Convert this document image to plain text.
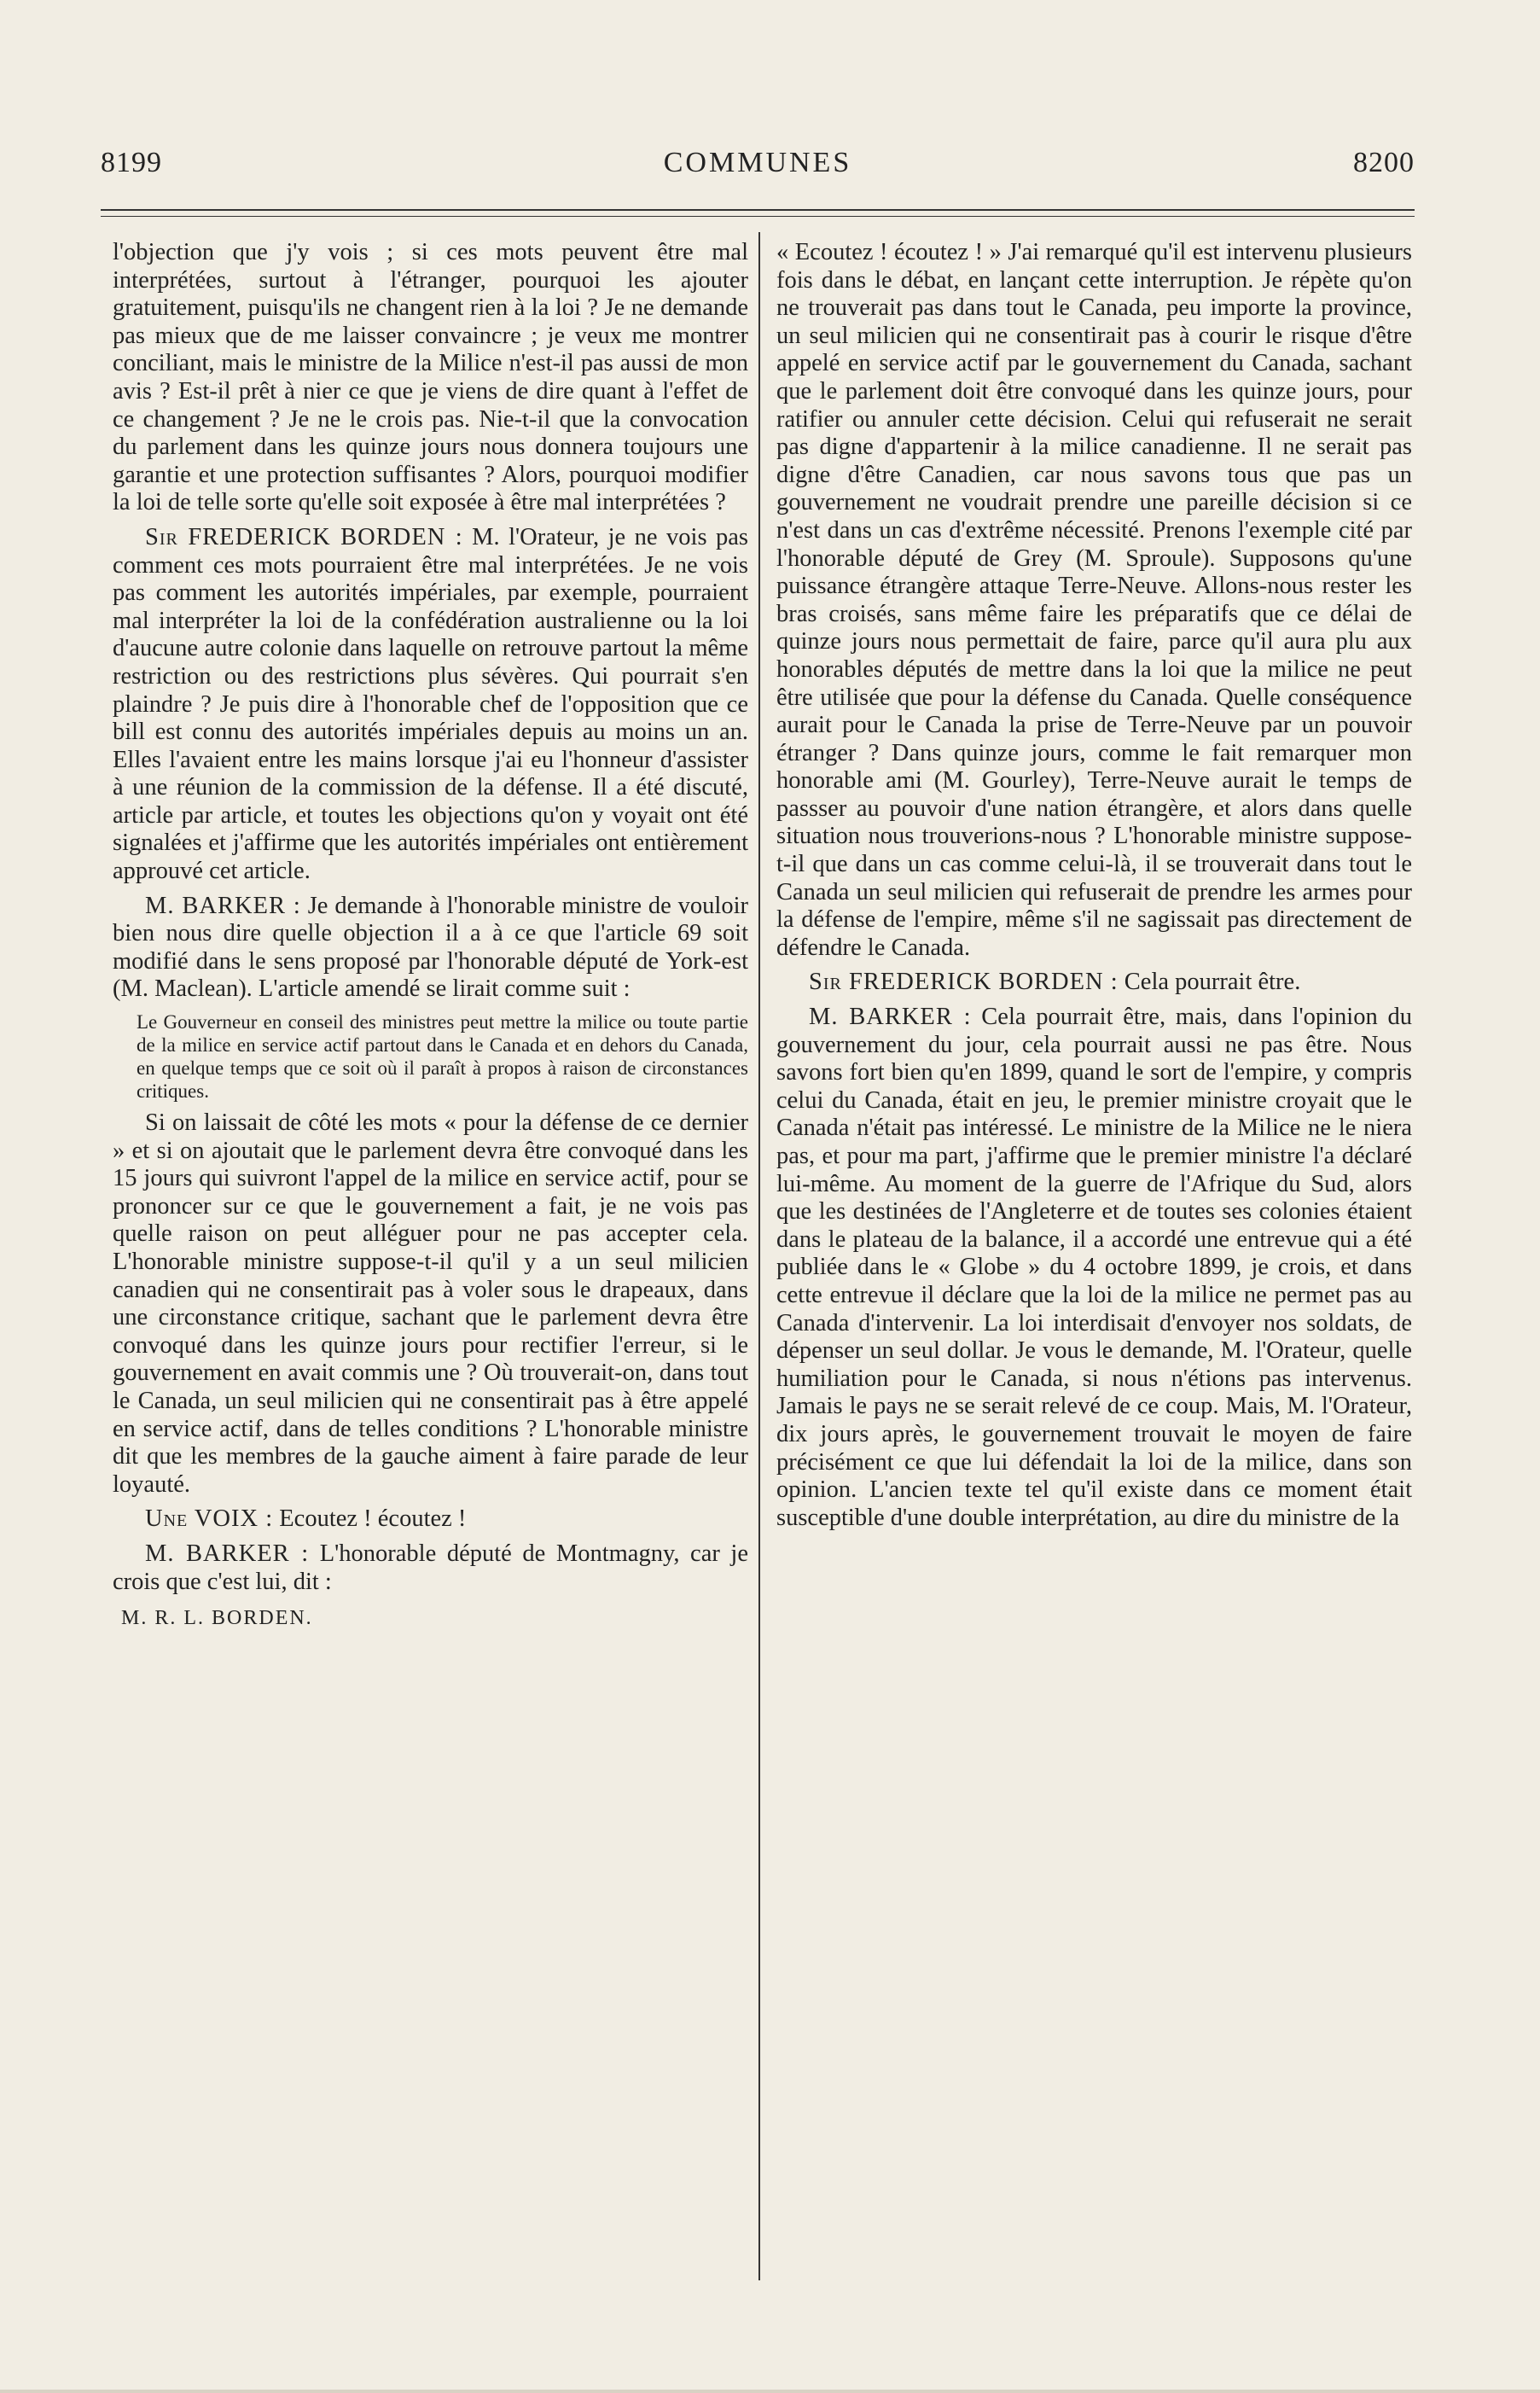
8199	COMMUNES	8200

l'objection que j'y vois ; si ces mots peuvent être mal interprétées, surtout à l'étranger, pourquoi les ajouter gratuitement, puisqu'ils ne changent rien à la loi ? Je ne demande pas mieux que de me laisser convaincre ; je veux me montrer conciliant, mais le ministre de la Milice n'est-il pas aussi de mon avis ? Est-il prêt à nier ce que je viens de dire quant à l'effet de ce changement ? Je ne le crois pas. Nie-t-il que la convocation du parlement dans les quinze jours nous donnera toujours une garantie et une protection suffisantes ? Alors, pourquoi modifier la loi de telle sorte qu'elle soit exposée à être mal interprétées ?

Sir FREDERICK BORDEN : M. l'Orateur, je ne vois pas comment ces mots pourraient être mal interprétées. Je ne vois pas comment les autorités impériales, par exemple, pourraient mal interpréter la loi de la confédération australienne ou la loi d'aucune autre colonie dans laquelle on retrouve partout la même restriction ou des restrictions plus sévères. Qui pourrait s'en plaindre ? Je puis dire à l'honorable chef de l'opposition que ce bill est connu des autorités impériales depuis au moins un an. Elles l'avaient entre les mains lorsque j'ai eu l'honneur d'assister à une réunion de la commission de la défense. Il a été discuté, article par article, et toutes les objections qu'on y voyait ont été signalées et j'affirme que les autorités impériales ont entièrement approuvé cet article.

M. BARKER : Je demande à l'honorable ministre de vouloir bien nous dire quelle objection il a à ce que l'article 69 soit modifié dans le sens proposé par l'honorable député de York-est (M. Maclean). L'article amendé se lirait comme suit :

Le Gouverneur en conseil des ministres peut mettre la milice ou toute partie de la milice en service actif partout dans le Canada et en dehors du Canada, en quelque temps que ce soit où il paraît à propos à raison de circonstances critiques.

Si on laissait de côté les mots « pour la défense de ce dernier » et si on ajoutait que le parlement devra être convoqué dans les 15 jours qui suivront l'appel de la milice en service actif, pour se prononcer sur ce que le gouvernement a fait, je ne vois pas quelle raison on peut alléguer pour ne pas accepter cela. L'honorable ministre suppose-t-il qu'il y a un seul milicien canadien qui ne consentirait pas à voler sous le drapeaux, dans une circonstance critique, sachant que le parlement devra être convoqué dans les quinze jours pour rectifier l'erreur, si le gouvernement en avait commis une ? Où trouverait-on, dans tout le Canada, un seul milicien qui ne consentirait pas à être appelé en service actif, dans de telles conditions ? L'honorable ministre dit que les membres de la gauche aiment à faire parade de leur loyauté.

Une VOIX : Ecoutez ! écoutez !

M. BARKER : L'honorable député de Montmagny, car je crois que c'est lui, dit :

M. R. L. BORDEN.

« Ecoutez ! écoutez ! » J'ai remarqué qu'il est intervenu plusieurs fois dans le débat, en lançant cette interruption. Je répète qu'on ne trouverait pas dans tout le Canada, peu importe la province, un seul milicien qui ne consentirait pas à courir le risque d'être appelé en service actif par le gouvernement du Canada, sachant que le parlement doit être convoqué dans les quinze jours, pour ratifier ou annuler cette décision. Celui qui refuserait ne serait pas digne d'appartenir à la milice canadienne. Il ne serait pas digne d'être Canadien, car nous savons tous que pas un gouvernement ne voudrait prendre une pareille décision si ce n'est dans un cas d'extrême nécessité. Prenons l'exemple cité par l'honorable député de Grey (M. Sproule). Supposons qu'une puissance étrangère attaque Terre-Neuve. Allons-nous rester les bras croisés, sans même faire les préparatifs que ce délai de quinze jours nous permettait de faire, parce qu'il aura plu aux honorables députés de mettre dans la loi que la milice ne peut être utilisée que pour la défense du Canada. Quelle conséquence aurait pour le Canada la prise de Terre-Neuve par un pouvoir étranger ? Dans quinze jours, comme le fait remarquer mon honorable ami (M. Gourley), Terre-Neuve aurait le temps de passser au pouvoir d'une nation étrangère, et alors dans quelle situation nous trouverions-nous ? L'honorable ministre suppose-t-il que dans un cas comme celui-là, il se trouverait dans tout le Canada un seul milicien qui refuserait de prendre les armes pour la défense de l'empire, même s'il ne sagissait pas directement de défendre le Canada.

Sir FREDERICK BORDEN : Cela pourrait être.

M. BARKER : Cela pourrait être, mais, dans l'opinion du gouvernement du jour, cela pourrait aussi ne pas être. Nous savons fort bien qu'en 1899, quand le sort de l'empire, y compris celui du Canada, était en jeu, le premier ministre croyait que le Canada n'était pas intéressé. Le ministre de la Milice ne le niera pas, et pour ma part, j'affirme que le premier ministre l'a déclaré lui-même. Au moment de la guerre de l'Afrique du Sud, alors que les destinées de l'Angleterre et de toutes ses colonies étaient dans le plateau de la balance, il a accordé une entrevue qui a été publiée dans le « Globe » du 4 octobre 1899, je crois, et dans cette entrevue il déclare que la loi de la milice ne permet pas au Canada d'intervenir. La loi interdisait d'envoyer nos soldats, de dépenser un seul dollar. Je vous le demande, M. l'Orateur, quelle humiliation pour le Canada, si nous n'étions pas intervenus. Jamais le pays ne se serait relevé de ce coup. Mais, M. l'Orateur, dix jours après, le gouvernement trouvait le moyen de faire précisément ce que lui défendait la loi de la milice, dans son opinion. L'ancien texte tel qu'il existe dans ce moment était susceptible d'une double interprétation, au dire du ministre de la
